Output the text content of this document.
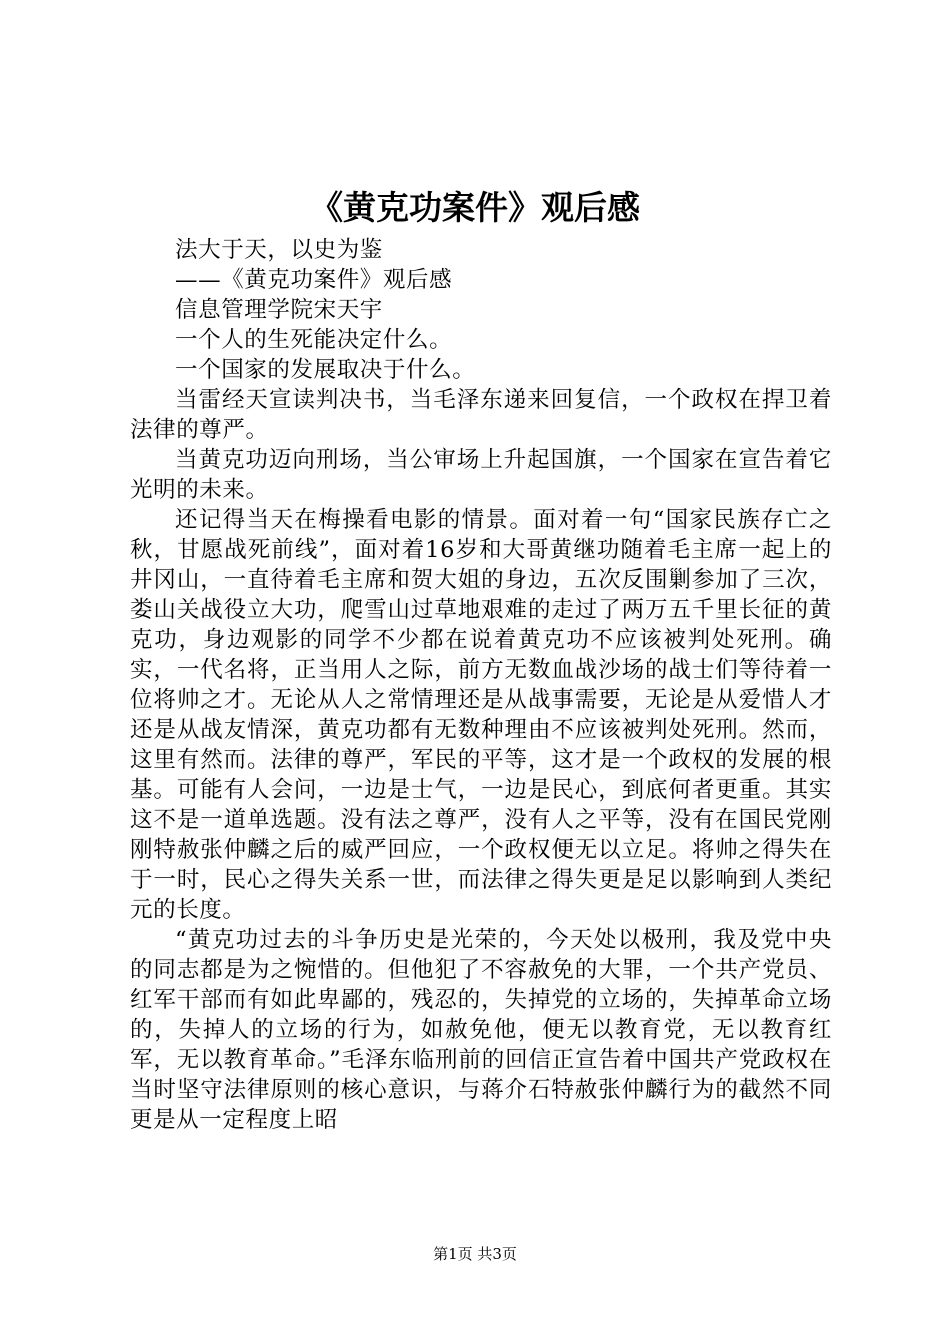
《黄克功案件》观后感

法大于天，以史为鉴

——《黄克功案件》观后感

信息管理学院宋天宇

一个人的生死能决定什么。

一个国家的发展取决于什么。

当雷经天宣读判决书，当毛泽东递来回复信，一个政权在捍卫着法律的尊严。

当黄克功迈向刑场，当公审场上升起国旗，一个国家在宣告着它光明的未来。

还记得当天在梅操看电影的情景。面对着一句“国家民族存亡之秋，甘愿战死前线”，面对着16岁和大哥黄继功随着毛主席一起上的井冈山，一直待着毛主席和贺大姐的身边，五次反围剿参加了三次，娄山关战役立大功，爬雪山过草地艰难的走过了两万五千里长征的黄克功，身边观影的同学不少都在说着黄克功不应该被判处死刑。确实，一代名将，正当用人之际，前方无数血战沙场的战士们等待着一位将帅之才。无论从人之常情理还是从战事需要，无论是从爱惜人才还是从战友情深，黄克功都有无数种理由不应该被判处死刑。然而，这里有然而。法律的尊严，军民的平等，这才是一个政权的发展的根基。可能有人会问，一边是士气，一边是民心，到底何者更重。其实这不是一道单选题。没有法之尊严，没有人之平等，没有在国民党刚刚特赦张仲麟之后的威严回应，一个政权便无以立足。将帅之得失在于一时，民心之得失关系一世，而法律之得失更是足以影响到人类纪元的长度。

“黄克功过去的斗争历史是光荣的，今天处以极刑，我及党中央的同志都是为之惋惜的。但他犯了不容赦免的大罪，一个共产党员、红军干部而有如此卑鄙的，残忍的，失掉党的立场的，失掉革命立场的，失掉人的立场的行为，如赦免他，便无以教育党，无以教育红军，无以教育革命。”毛泽东临刑前的回信正宣告着中国共产党政权在当时坚守法律原则的核心意识，与蒋介石特赦张仲麟行为的截然不同更是从一定程度上昭

第1页 共3页
